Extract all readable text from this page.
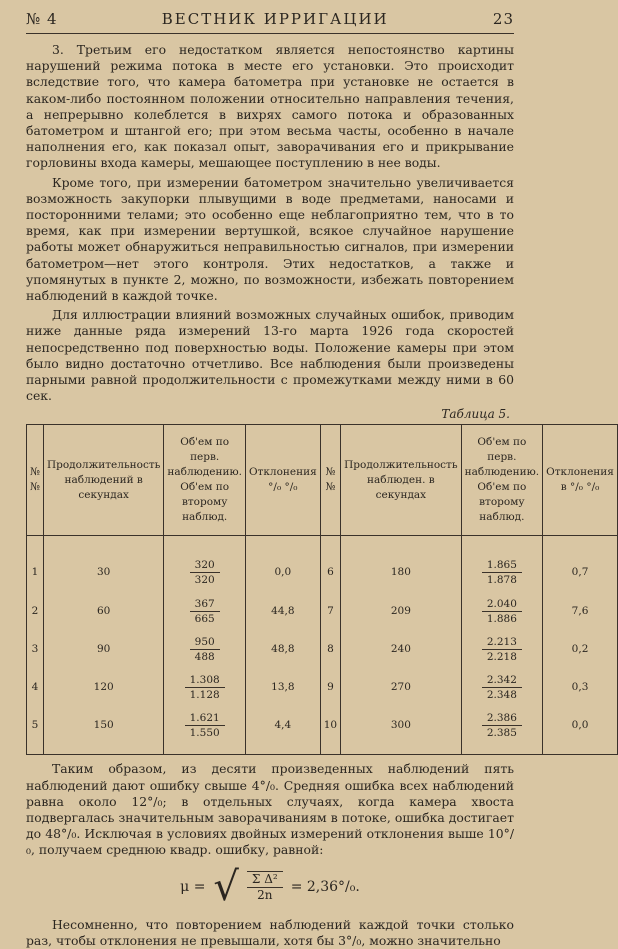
№ 4	ВЕСТНИК ИРРИГАЦИИ	23

3. Третьим его недостатком является непостоянство картины нарушений режима потока в месте его установки. Это происходит вследствие того, что камера батометра при установке не остается в каком-либо постоянном положении относительно направления течения, а непрерывно колеблется в вихрях самого потока и образованных батометром и штангой его; при этом весьма часты, особенно в начале наполнения его, как показал опыт, заворачивания его и прикрывание горловины входа камеры, мешающее поступлению в нее воды.

Кроме того, при измерении батометром значительно увеличивается возможность закупорки плывущими в воде предметами, наносами и посторонними телами; это особенно еще неблагоприятно тем, что в то время, как при измерении вертушкой, всякое случайное нарушение работы может обнаружиться неправильностью сигналов, при измерении батометром—нет этого контроля. Этих недостатков, а также и упомянутых в пункте 2, можно, по возможности, избежать повторением наблюдений в каждой точке.

Для иллюстрации влияний возможных случайных ошибок, приводим ниже данные ряда измерений 13-го марта 1926 года скоростей непосредственно под поверхностью воды. Положение камеры при этом было видно достаточно отчетливо. Все наблюдения были произведены парными равной продолжительности с промежутками между ними в 60 сек.

Таблица 5.
№№	Продолжительность наблюдений в секундах	Об'ем по перв. наблюдению. Об'ем по второму наблюд.	Отклонения °/₀ °/₀	№№	Продолжительность наблюден. в секундах	Об'ем по перв. наблюдению. Об'ем по второму наблюд.	Отклонения в °/₀ °/₀
1	30	$\frac{320}{320}$	0,0	6	180	$\frac{1.865}{1.878}$	0,7
2	60	$\frac{367}{665}$	44,8	7	209	$\frac{2.040}{1.886}$	7,6
3	90	$\frac{950}{488}$	48,8	8	240	$\frac{2.213}{2.218}$	0,2
4	120	$\frac{1.308}{1.128}$	13,8	9	270	$\frac{2.342}{2.348}$	0,3
5	150	$\frac{1.621}{1.550}$	4,4	10	300	$\frac{2.386}{2.385}$	0,0

Таким образом, из десяти произведенных наблюдений пять наблюдений дают ошибку свыше 4°/₀. Средняя ошибка всех наблюдений равна около 12°/₀; в отдельных случаях, когда камера хвоста подвергалась значительным заворачиваниям в потоке, ошибка достигает до 48°/₀. Исключая в условиях двойных измерений отклонения выше 10°/₀, получаем среднюю квадр. ошибку, равной:

μ = √ $\frac{\text{Σ Δ²}}{2n} = 2,36^\circ/_0$.

Несомненно, что повторением наблюдений каждой точки столько раз, чтобы отклонения не превышали, хотя бы 3°/₀, можно значительно
